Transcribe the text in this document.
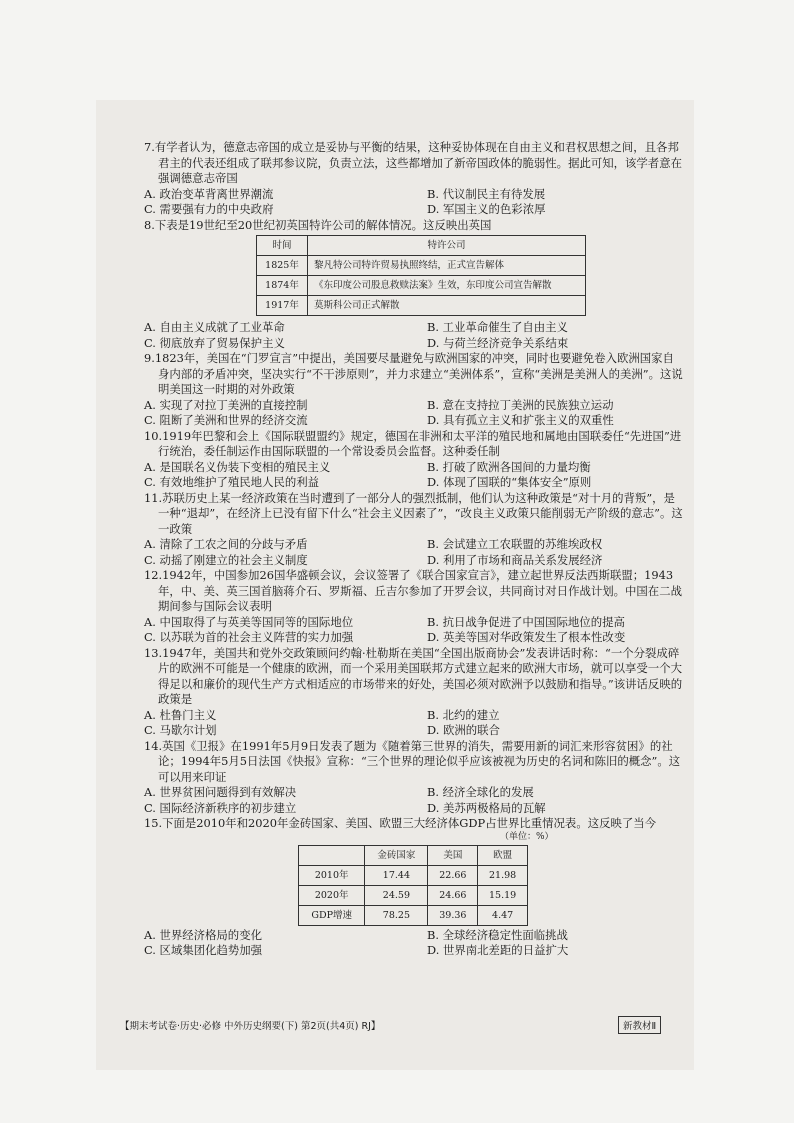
7.有学者认为，德意志帝国的成立是妥协与平衡的结果，这种妥协体现在自由主义和君权思想之间，且各邦君主的代表还组成了联邦参议院，负责立法，这些都增加了新帝国政体的脆弱性。据此可知，该学者意在强调德意志帝国
A. 政治变革背离世界潮流	B. 代议制民主有待发展
C. 需要强有力的中央政府	D. 军国主义的色彩浓厚
8.下表是19世纪至20世纪初英国特许公司的解体情况。这反映出英国
时间	特许公司
1825年	黎凡特公司特许贸易执照终结，正式宣告解体
1874年	《东印度公司股息救赎法案》生效，东印度公司宣告解散
1917年	莫斯科公司正式解散
A. 自由主义成就了工业革命	B. 工业革命催生了自由主义
C. 彻底放弃了贸易保护主义	D. 与荷兰经济竞争关系结束
9.1823年，美国在“门罗宣言”中提出，美国要尽量避免与欧洲国家的冲突，同时也要避免卷入欧洲国家自身内部的矛盾冲突，坚决实行“不干涉原则”，并力求建立“美洲体系”，宣称“美洲是美洲人的美洲”。这说明美国这一时期的对外政策
A. 实现了对拉丁美洲的直接控制	B. 意在支持拉丁美洲的民族独立运动
C. 阻断了美洲和世界的经济交流	D. 具有孤立主义和扩张主义的双重性
10.1919年巴黎和会上《国际联盟盟约》规定，德国在非洲和太平洋的殖民地和属地由国联委任“先进国”进行统治，委任制运作由国际联盟的一个常设委员会监督。这种委任制
A. 是国联名义伪装下变相的殖民主义	B. 打破了欧洲各国间的力量均衡
C. 有效地维护了殖民地人民的利益	D. 体现了国联的“集体安全”原则
11.苏联历史上某一经济政策在当时遭到了一部分人的强烈抵制，他们认为这种政策是“对十月的背叛”，是一种“退却”，在经济上已没有留下什么“社会主义因素了”，“改良主义政策只能削弱无产阶级的意志”。这一政策
A. 清除了工农之间的分歧与矛盾	B. 会试建立工农联盟的苏维埃政权
C. 动摇了刚建立的社会主义制度	D. 利用了市场和商品关系发展经济
12.1942年，中国参加26国华盛顿会议，会议签署了《联合国家宣言》，建立起世界反法西斯联盟；1943年，中、美、英三国首脑蒋介石、罗斯福、丘吉尔参加了开罗会议，共同商讨对日作战计划。中国在二战期间参与国际会议表明
A. 中国取得了与英美等国同等的国际地位	B. 抗日战争促进了中国国际地位的提高
C. 以苏联为首的社会主义阵营的实力加强	D. 英美等国对华政策发生了根本性改变
13.1947年，美国共和党外交政策顾问约翰·杜勒斯在美国“全国出版商协会”发表讲话时称：“一个分裂成碎片的欧洲不可能是一个健康的欧洲，而一个采用美国联邦方式建立起来的欧洲大市场，就可以享受一个大得足以和廉价的现代生产方式相适应的市场带来的好处，美国必须对欧洲予以鼓励和指导。”该讲话反映的政策是
A. 杜鲁门主义	B. 北约的建立
C. 马歇尔计划	D. 欧洲的联合
14.英国《卫报》在1991年5月9日发表了题为《随着第三世界的消失，需要用新的词汇来形容贫困》的社论；1994年5月5日法国《快报》宣称：“三个世界的理论似乎应该被视为历史的名词和陈旧的概念”。这可以用来印证
A. 世界贫困问题得到有效解决	B. 经济全球化的发展
C. 国际经济新秩序的初步建立	D. 美苏两极格局的瓦解
15.下面是2010年和2020年金砖国家、美国、欧盟三大经济体GDP占世界比重情况表。这反映了当今
（单位：%）
	金砖国家	美国	欧盟
2010年	17.44	22.66	21.98
2020年	24.59	24.66	15.19
GDP增速	78.25	39.36	4.47
A. 世界经济格局的变化	B. 全球经济稳定性面临挑战
C. 区域集团化趋势加强	D. 世界南北差距的日益扩大
【期末考试卷·历史·必修 中外历史纲要(下) 第2页(共4页) RJ】	新教材Ⅱ
